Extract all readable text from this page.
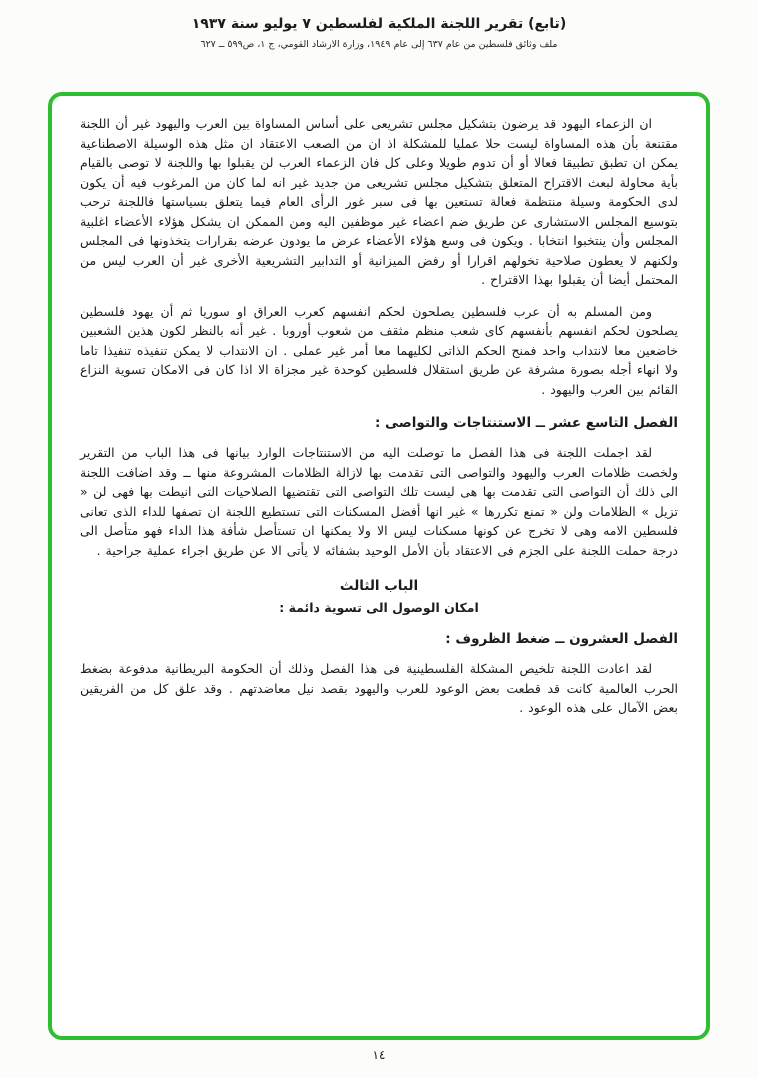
(تابع) تقرير اللجنة الملكية لفلسطين ٧ يوليو سنة ١٩٣٧
ملف وثائق فلسطين من عام ٦٣٧ إلى عام ١٩٤٩، وزارة الارشاد القومي، ج ١، ص٥٩٩ ــ ٦٢٧

ان الزعماء اليهود قد يرضون بتشكيل مجلس تشريعى على أساس المساواة بين العرب واليهود غير أن اللجنة مقتنعة بأن هذه المساواة ليست حلا عمليا للمشكلة اذ ان من الصعب الاعتقاد ان مثل هذه الوسيلة الاصطناعية يمكن ان تطبق تطبيقا فعالا أو أن تدوم طويلا وعلى كل فان الزعماء العرب لن يقبلوا بها واللجنة لا توصى بالقيام بأية محاولة لبعث الاقتراح المتعلق بتشكيل مجلس تشريعى من جديد غير انه لما كان من المرغوب فيه أن يكون لدى الحكومة وسيلة منتظمة فعالة تستعين بها فى سبر غور الرأى العام فيما يتعلق بسياستها فاللجنة ترحب بتوسيع المجلس الاستشارى عن طريق ضم اعضاء غير موظفين اليه ومن الممكن ان يشكل هؤلاء الأعضاء اغلبية المجلس وأن ينتخبوا انتخابا . ويكون فى وسع هؤلاء الأعضاء عرض ما يودون عرضه بقرارات يتخذونها فى المجلس ولكنهم لا يعطون صلاحية تخولهم اقرارا أو رفض الميزانية أو التدابير التشريعية الأخرى غير أن العرب ليس من المحتمل أيضا أن يقبلوا بهذا الاقتراح .

ومن المسلم به أن عرب فلسطين يصلحون لحكم انفسهم كعرب العراق او سوريا ثم أن يهود فلسطين يصلحون لحكم انفسهم بأنفسهم كاى شعب منظم مثقف من شعوب أوروبا . غير أنه بالنظر لكون هذين الشعبين خاضعين معا لانتداب واحد فمنح الحكم الذاتى لكليهما معا أمر غير عملى . ان الانتداب لا يمكن تنفيذه تنفيذا تاما ولا انهاء أجله بصورة مشرفة عن طريق استقلال فلسطين كوحدة غير مجزاة الا اذا كان فى الامكان تسوية النزاع القائم بين العرب واليهود .

الفصل التاسع عشر ــ الاستنتاجات والتواصى :

لقد اجملت اللجنة فى هذا الفصل ما توصلت اليه من الاستنتاجات الوارد بيانها فى هذا الباب من التقرير ولخصت ظلامات العرب واليهود والتواصى التى تقدمت بها لازالة الظلامات المشروعة منها ــ وقد اضافت اللجنة الى ذلك أن التواصى التى تقدمت بها هى ليست تلك التواصى التى تقتضيها الصلاحيات التى انيطت بها فهى لن « تزيل » الظلامات ولن « تمنع تكررها » غير انها أفضل المسكنات التى تستطيع اللجنة ان تصفها للداء الذى تعانى فلسطين الامه وهى لا تخرج عن كونها مسكنات ليس الا ولا يمكنها ان تستأصل شأفة هذا الداء فهو متأصل الى درجة حملت اللجنة على الجزم فى الاعتقاد بأن الأمل الوحيد بشفائه لا يأتى الا عن طريق اجراء عملية جراحية .

الباب الثالث
امكان الوصول الى تسوية دائمة :
الفصل العشرون ــ ضغط الظروف :

لقد اعادت اللجنة تلخيص المشكلة الفلسطينية فى هذا الفصل وذلك أن الحكومة البريطانية مدفوعة بضغط الحرب العالمية كانت قد قطعت بعض الوعود للعرب واليهود بقصد نيل معاضدتهم . وقد علق كل من الفريقين بعض الآمال على هذه الوعود .

١٤
